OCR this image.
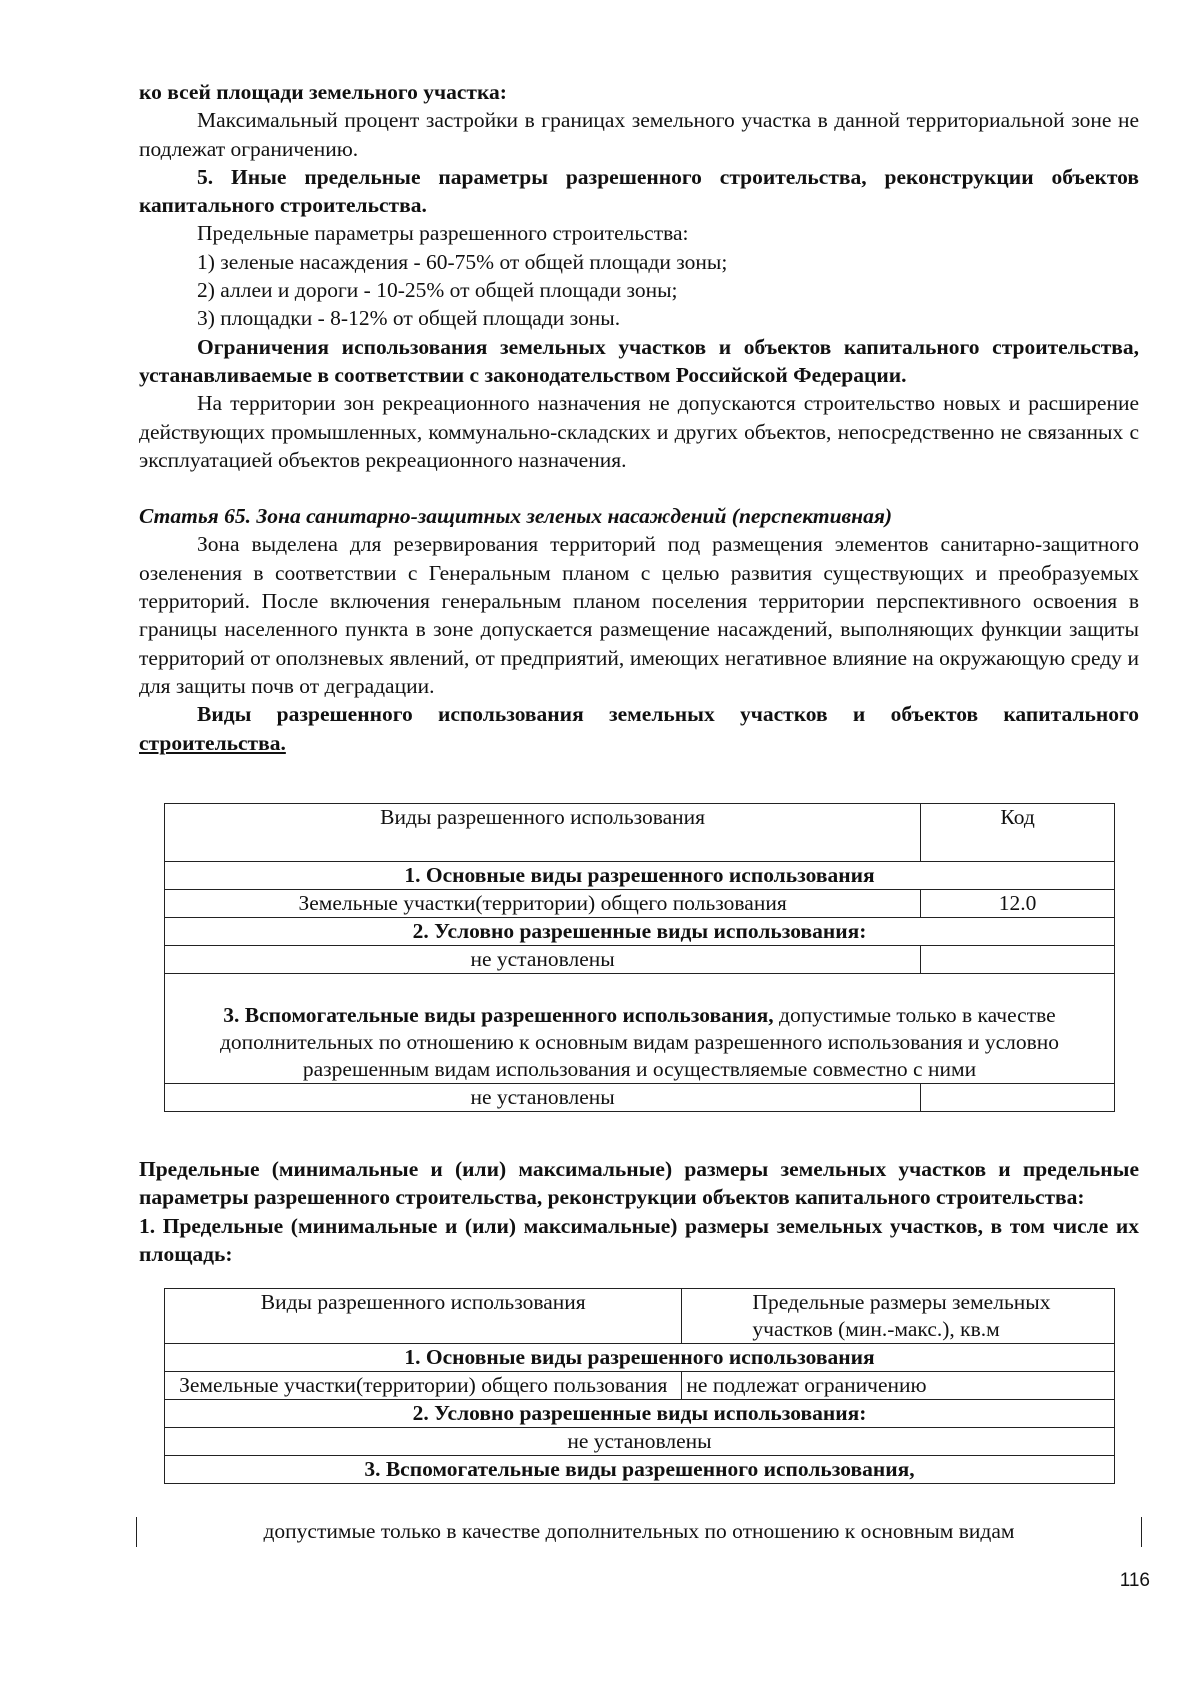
ко всей площади земельного участка:

Максимальный процент застройки в границах земельного участка в данной территориальной зоне не подлежат ограничению.

5. Иные предельные параметры разрешенного строительства, реконструкции объектов капитального строительства.

Предельные параметры разрешенного строительства:

1) зеленые насаждения - 60-75% от общей площади зоны;

2) аллеи и дороги - 10-25% от общей площади зоны;

3) площадки - 8-12% от общей площади зоны.

Ограничения использования земельных участков и объектов капитального строительства, устанавливаемые в соответствии с законодательством Российской Федерации.

На территории зон рекреационного назначения не допускаются строительство новых и расширение действующих промышленных, коммунально-складских и других объектов, непосредственно не связанных с эксплуатацией объектов рекреационного назначения.

Статья 65. Зона санитарно-защитных зеленых насаждений (перспективная)

Зона выделена для резервирования территорий под размещения элементов санитарно-защитного озеленения в соответствии с Генеральным планом с целью развития существующих и преобразуемых территорий. После включения генеральным планом поселения территории перспективного освоения в границы населенного пункта в зоне допускается размещение насаждений, выполняющих функции защиты территорий от оползневых явлений, от предприятий, имеющих негативное влияние на окружающую среду и для защиты почв от деградации.

Виды разрешенного использования земельных участков и объектов капитального строительства.

Виды разрешенного использования	Код
1. Основные виды разрешенного использования	
Земельные участки(территории) общего пользования	12.0
2. Условно разрешенные виды использования:	
не установлены	
3. Вспомогательные виды разрешенного использования, допустимые только в качестве дополнительных по отношению к основным видам разрешенного использования и условно разрешенным видам использования и осуществляемые совместно с ними	
не установлены	

Предельные (минимальные и (или) максимальные) размеры земельных участков и предельные параметры разрешенного строительства, реконструкции объектов капитального строительства:

1. Предельные (минимальные и (или) максимальные) размеры земельных участков, в том числе их площадь:

Виды разрешенного использования	Предельные размеры земельных участков (мин.-макс.), кв.м
1. Основные виды разрешенного использования	
Земельные участки(территории) общего пользования	не подлежат ограничению
2. Условно разрешенные виды использования:	
не установлены	
3. Вспомогательные виды разрешенного использования,	
допустимые только в качестве дополнительных по отношению к основным видам
116
